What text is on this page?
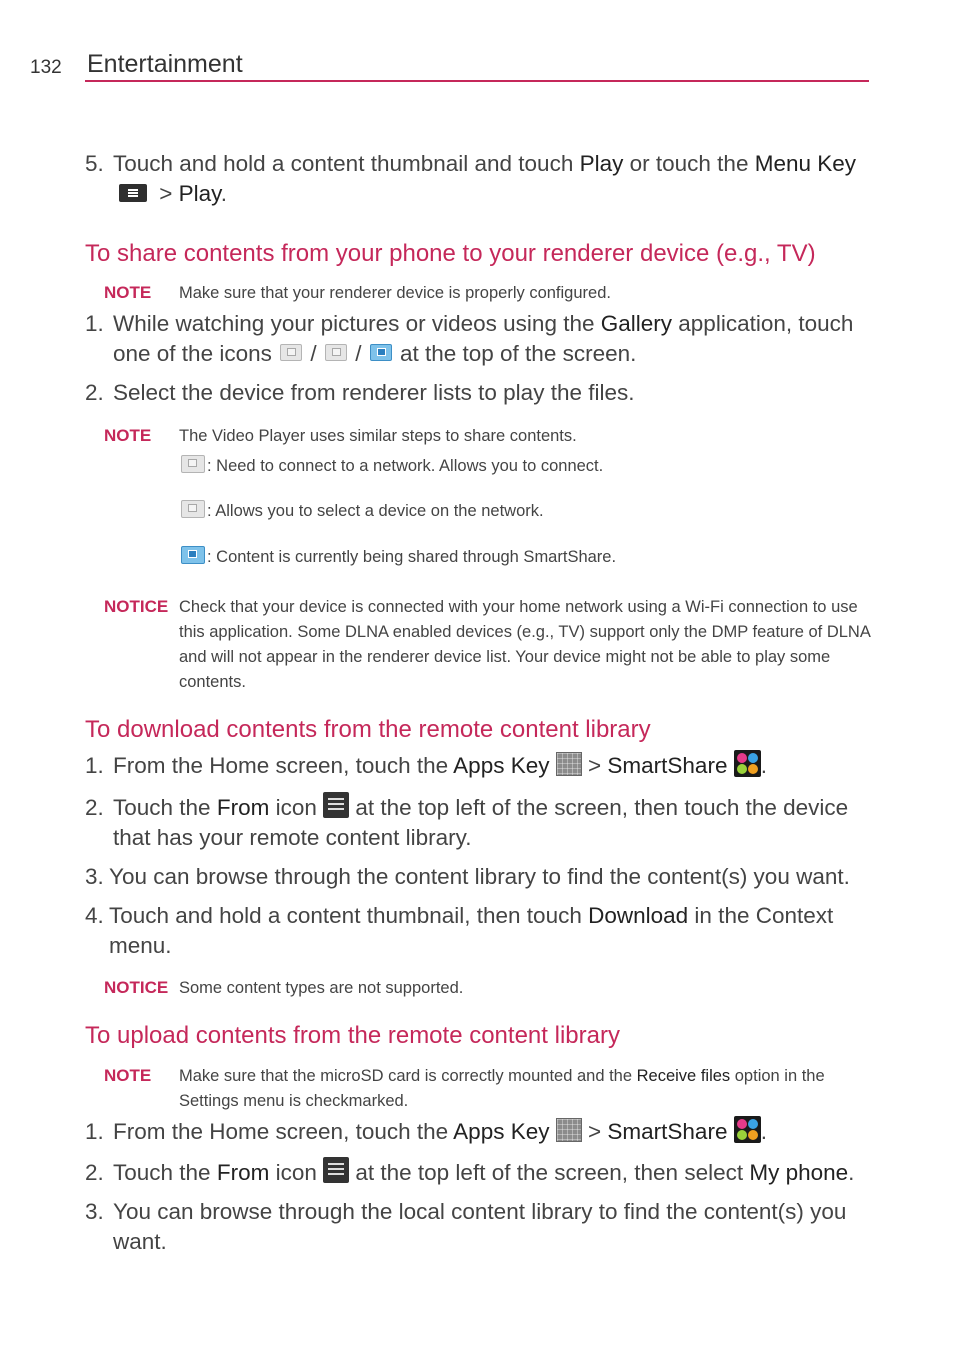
132 Entertainment
5. Touch and hold a content thumbnail and touch Play or touch the Menu Key > Play.
To share contents from your phone to your renderer device (e.g., TV)
NOTE Make sure that your renderer device is properly configured.
1. While watching your pictures or videos using the Gallery application, touch one of the icons  / /  at the top of the screen.
2. Select the device from renderer lists to play the files.
NOTE The Video Player uses similar steps to share contents.
: Need to connect to a network. Allows you to connect.
: Allows you to select a device on the network.
: Content is currently being shared through SmartShare.
NOTICE Check that your device is connected with your home network using a Wi-Fi connection to use this application. Some DLNA enabled devices (e.g., TV) support only the DMP feature of DLNA and will not appear in the renderer device list. Your device might not be able to play some contents.
To download contents from the remote content library
1. From the Home screen, touch the Apps Key  > SmartShare .
2. Touch the From icon  at the top left of the screen, then touch the device that has your remote content library.
3. You can browse through the content library to find the content(s) you want.
4. Touch and hold a content thumbnail, then touch Download in the Context menu.
NOTICE Some content types are not supported.
To upload contents from the remote content library
NOTE Make sure that the microSD card is correctly mounted and the Receive files option in the Settings menu is checkmarked.
1. From the Home screen, touch the Apps Key  > SmartShare .
2. Touch the From icon  at the top left of the screen, then select My phone.
3. You can browse through the local content library to find the content(s) you want.
